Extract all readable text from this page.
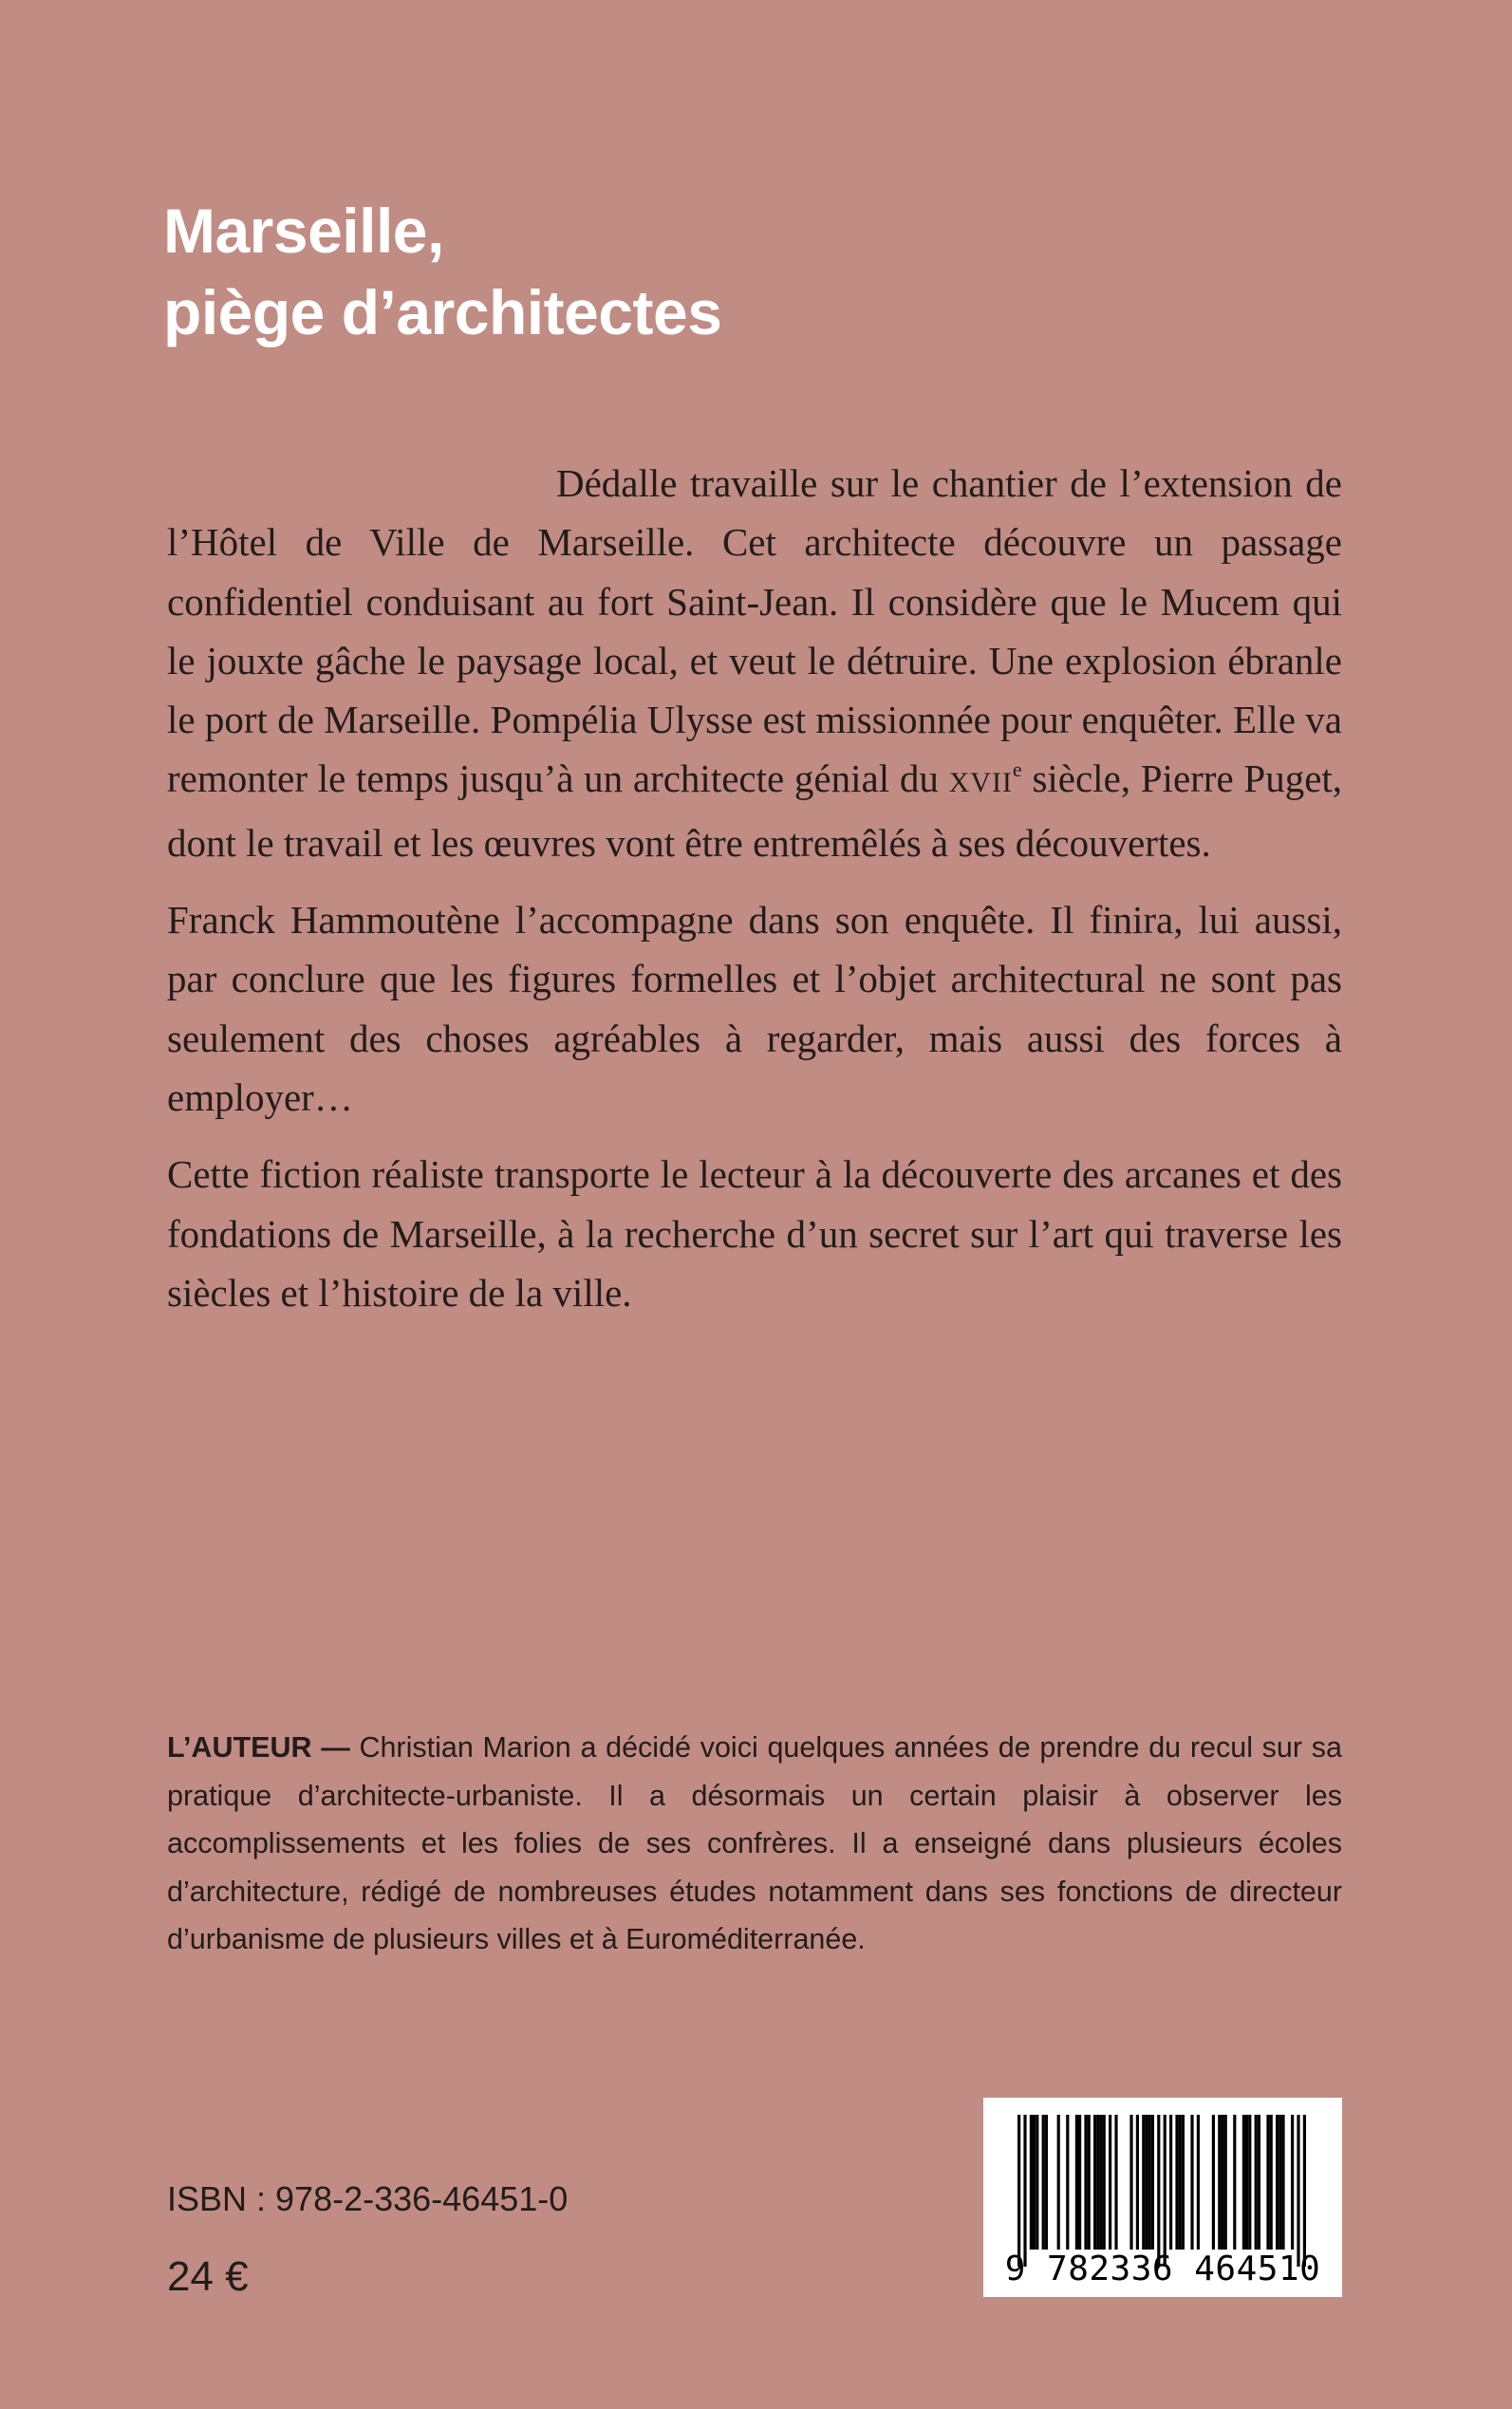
Marseille,
piège d’architectes

Dédalle travaille sur le chantier de l’extension de l’Hôtel de Ville de Marseille. Cet architecte découvre un passage confidentiel conduisant au fort Saint-Jean. Il considère que le Mucem qui le jouxte gâche le paysage local, et veut le détruire. Une explosion ébranle le port de Marseille. Pompélia Ulysse est missionnée pour enquêter. Elle va remonter le temps jusqu’à un architecte génial du XVIIe siècle, Pierre Puget, dont le travail et les œuvres vont être entremêlés à ses découvertes.

Franck Hammoutène l’accompagne dans son enquête. Il finira, lui aussi, par conclure que les figures formelles et l’objet architectural ne sont pas seulement des choses agréables à regarder, mais aussi des forces à employer…

Cette fiction réaliste transporte le lecteur à la découverte des arcanes et des fondations de Marseille, à la recherche d’un secret sur l’art qui traverse les siècles et l’histoire de la ville.

L’AUTEUR — Christian Marion a décidé voici quelques années de prendre du recul sur sa pratique d’architecte-urbaniste. Il a désormais un certain plaisir à observer les accomplissements et les folies de ses confrères. Il a enseigné dans plusieurs écoles d’architecture, rédigé de nombreuses études notamment dans ses fonctions de directeur d’urbanisme de plusieurs villes et à Euroméditerranée.
ISBN : 978-2-336-46451-0
24 €	9 782336 464510
